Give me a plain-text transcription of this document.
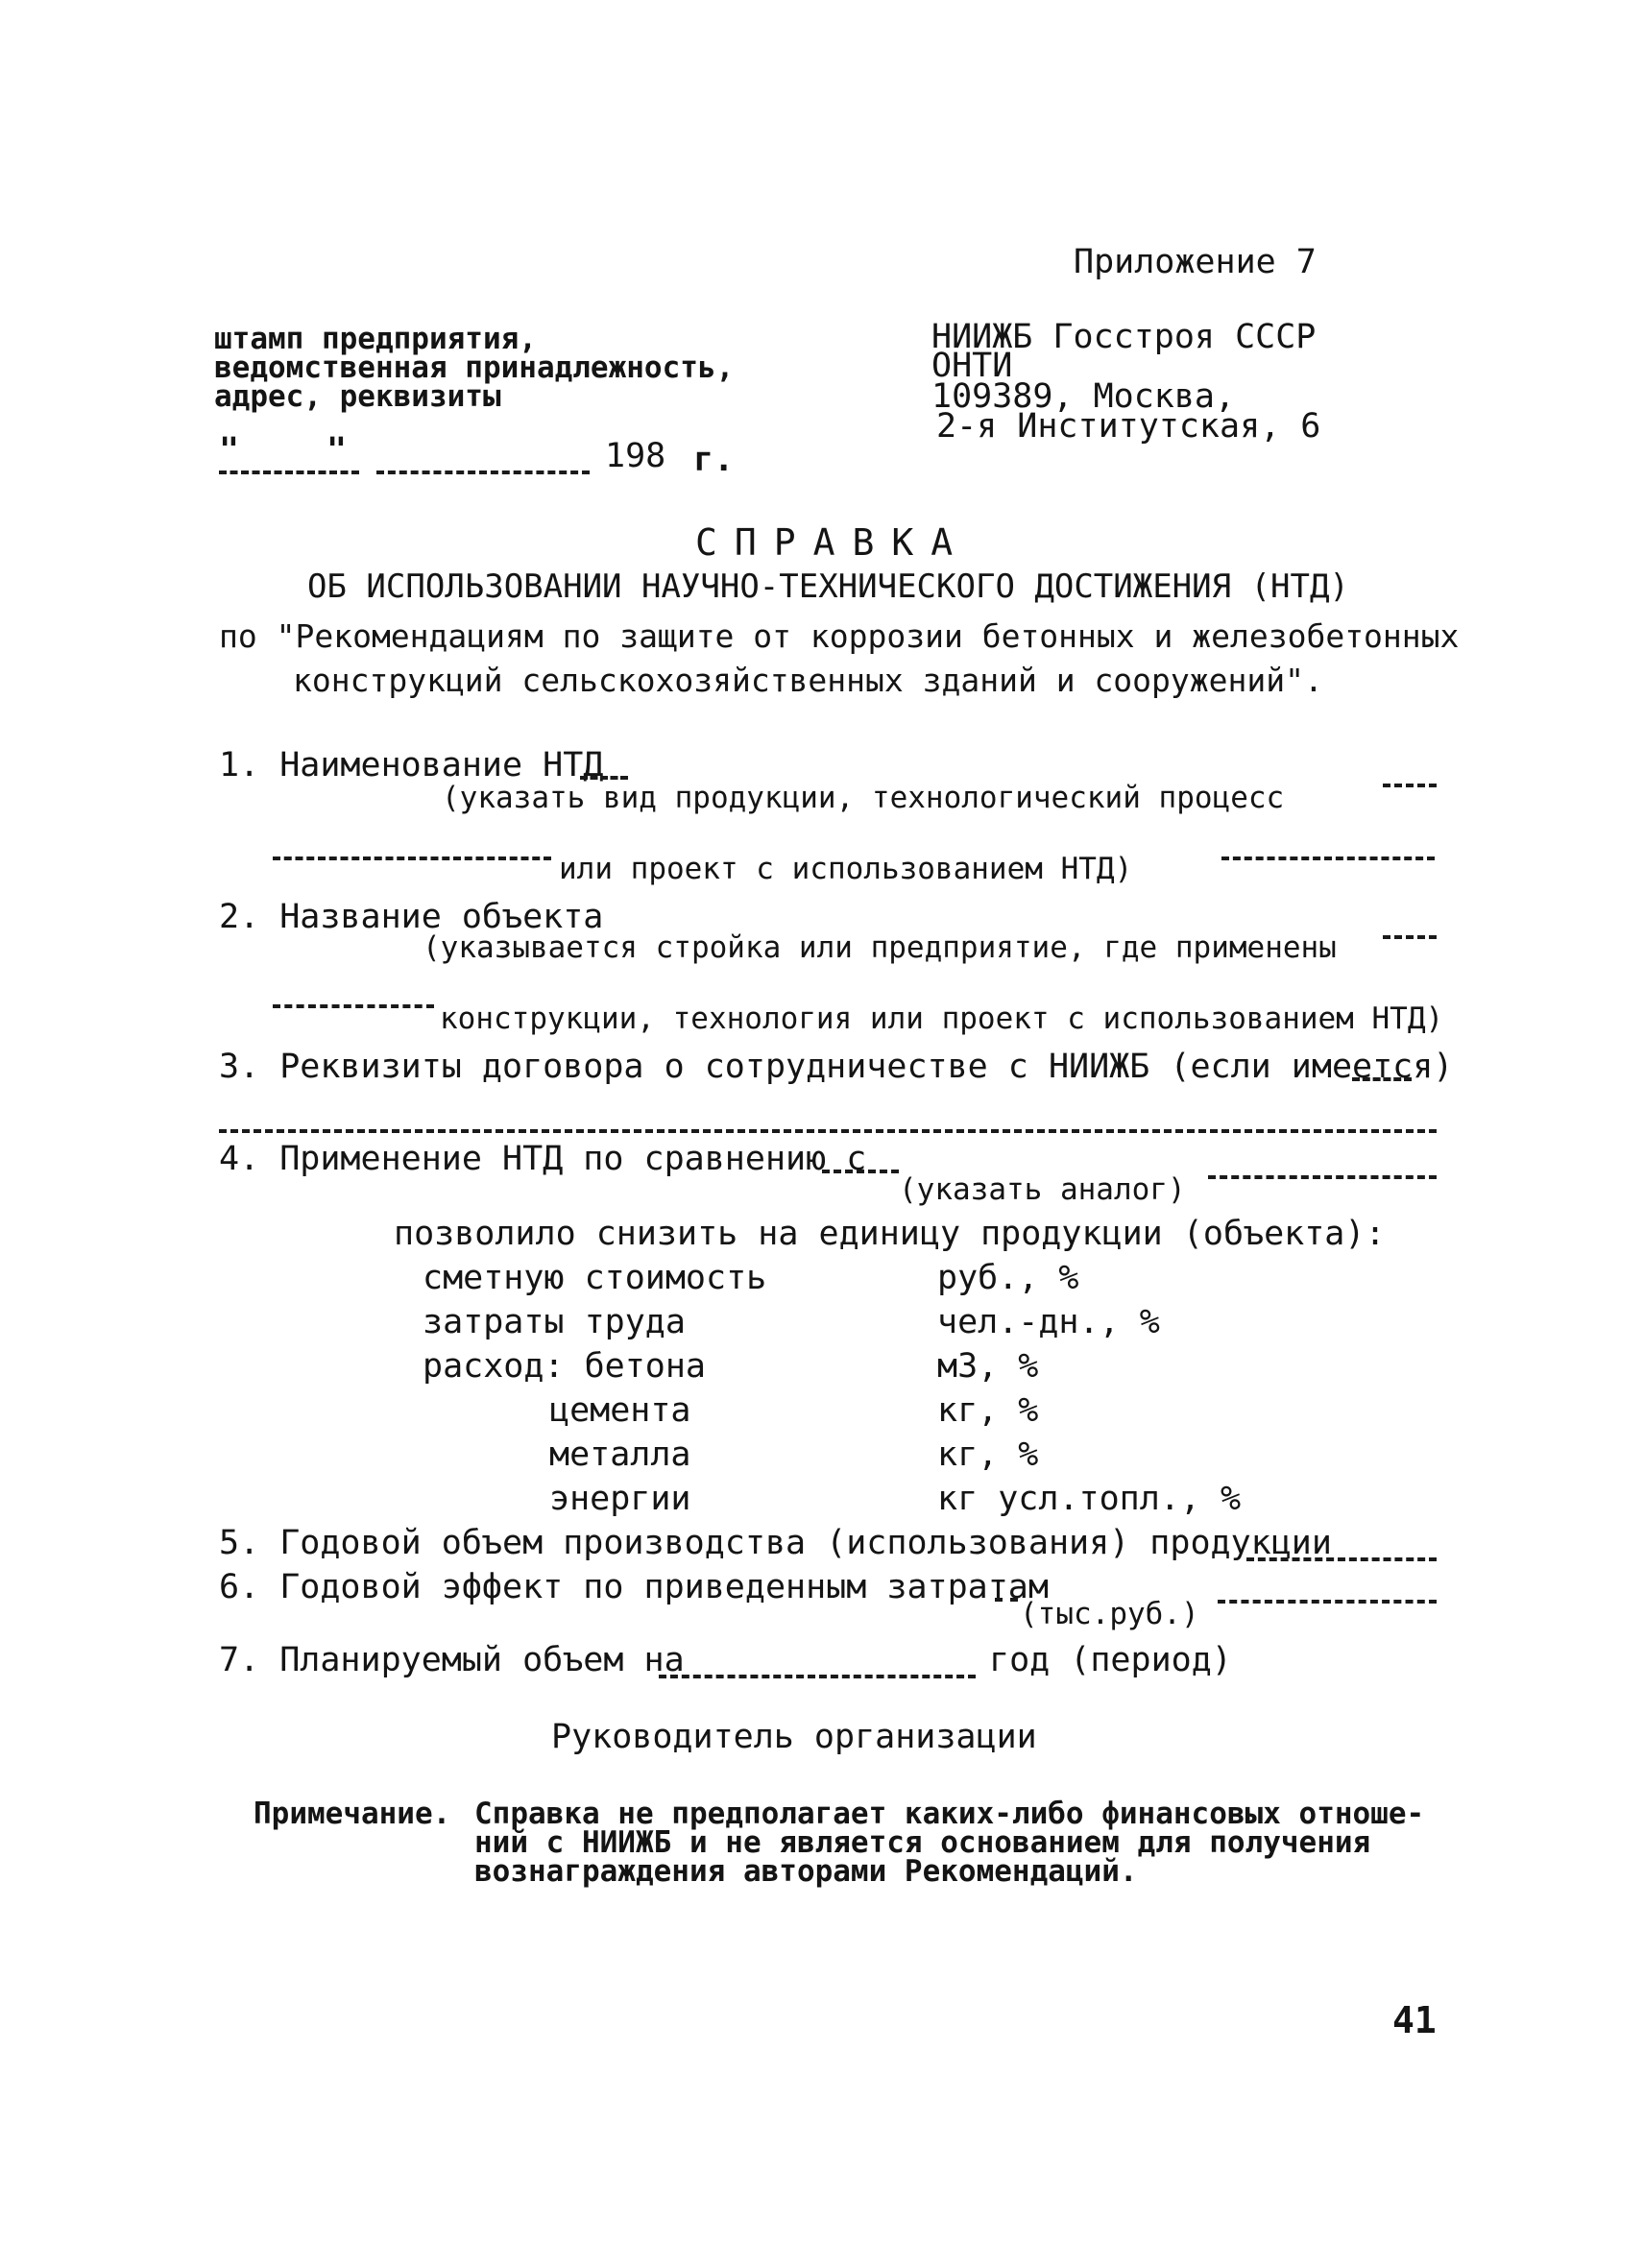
Приложение 7
штамп предприятия,
ведомственная принадлежность,
адрес, реквизиты
"	"	198 г.
НИИЖБ Госстроя СССР
ОНТИ
109389, Москва,
2-я Институтская, 6
СПРАВКА
ОБ ИСПОЛЬЗОВАНИИ НАУЧНО-ТЕХНИЧЕСКОГО ДОСТИЖЕНИЯ (НТД)
по "Рекомендациям по защите от коррозии бетонных и железобетонных
конструкций сельскохозяйственных зданий и сооружений".
1. Наименование НТД
(указать вид продукции, технологический процесс
или проект с использованием НТД)
2. Название объекта
(указывается стройка или предприятие, где применены
конструкции, технология или проект с использованием НТД)
3. Реквизиты договора о сотрудничестве с НИИЖБ (если имеется)
4. Применение НТД по сравнению с
(указать аналог)
позволило снизить на единицу продукции (объекта):
сметную стоимость	руб., %
затраты труда	чел.-дн., %
расход: бетона	м3, %
цемента	кг, %
металла	кг, %
энергии	кг усл.топл., %
5. Годовой объем производства (использования) продукции
6. Годовой эффект по приведенным затратам
(тыс.руб.)
7. Планируемый объем на	год (период)
Руководитель организации
Примечание. Справка не предполагает каких-либо финансовых отноше-
ний с НИИЖБ и не является основанием для получения
вознаграждения авторами Рекомендаций.
41
